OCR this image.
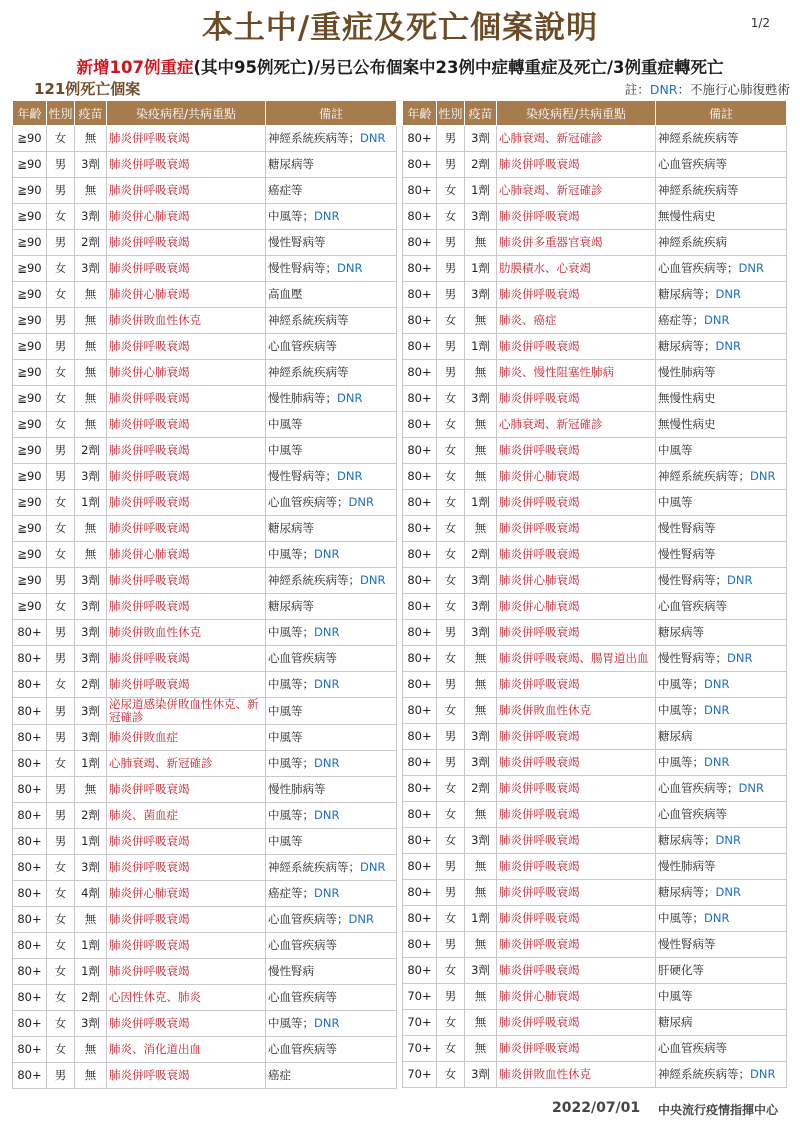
本土中/重症及死亡個案說明	1/2
新增107例重症(其中95例死亡)/另已公布個案中23例中症轉重症及死亡/3例重症轉死亡
121例死亡個案	註：DNR：不施行心肺復甦術
年齡	性別	疫苗	染疫病程/共病重點	備註
≧90	女	無	肺炎併呼吸衰竭	神經系統疾病等；DNR
≧90	男	3劑	肺炎併呼吸衰竭	糖尿病等
≧90	男	無	肺炎併呼吸衰竭	癌症等
≧90	女	3劑	肺炎併心肺衰竭	中風等；DNR
≧90	男	2劑	肺炎併呼吸衰竭	慢性腎病等
≧90	女	3劑	肺炎併呼吸衰竭	慢性腎病等；DNR
≧90	女	無	肺炎併心肺衰竭	高血壓
≧90	男	無	肺炎併敗血性休克	神經系統疾病等
≧90	男	無	肺炎併呼吸衰竭	心血管疾病等
≧90	女	無	肺炎併心肺衰竭	神經系統疾病等
≧90	女	無	肺炎併呼吸衰竭	慢性肺病等；DNR
≧90	女	無	肺炎併呼吸衰竭	中風等
≧90	男	2劑	肺炎併呼吸衰竭	中風等
≧90	男	3劑	肺炎併呼吸衰竭	慢性腎病等；DNR
≧90	女	1劑	肺炎併呼吸衰竭	心血管疾病等；DNR
≧90	女	無	肺炎併呼吸衰竭	糖尿病等
≧90	女	無	肺炎併心肺衰竭	中風等；DNR
≧90	男	3劑	肺炎併呼吸衰竭	神經系統疾病等；DNR
≧90	女	3劑	肺炎併呼吸衰竭	糖尿病等
80+	男	3劑	肺炎併敗血性休克	中風等；DNR
80+	男	3劑	肺炎併呼吸衰竭	心血管疾病等
80+	女	2劑	肺炎併呼吸衰竭	中風等；DNR
80+	男	3劑	泌尿道感染併敗血性休克、新冠確診	中風等
80+	男	3劑	肺炎併敗血症	中風等
80+	女	1劑	心肺衰竭、新冠確診	中風等；DNR
80+	男	無	肺炎併呼吸衰竭	慢性肺病等
80+	男	2劑	肺炎、菌血症	中風等；DNR
80+	男	1劑	肺炎併呼吸衰竭	中風等
80+	女	3劑	肺炎併呼吸衰竭	神經系統疾病等；DNR
80+	女	4劑	肺炎併心肺衰竭	癌症等；DNR
80+	女	無	肺炎併呼吸衰竭	心血管疾病等；DNR
80+	女	1劑	肺炎併呼吸衰竭	心血管疾病等
80+	女	1劑	肺炎併呼吸衰竭	慢性腎病
80+	女	2劑	心因性休克、肺炎	心血管疾病等
80+	女	3劑	肺炎併呼吸衰竭	中風等；DNR
80+	女	無	肺炎、消化道出血	心血管疾病等
80+	男	無	肺炎併呼吸衰竭	癌症
年齡	性別	疫苗	染疫病程/共病重點	備註
80+	男	3劑	心肺衰竭、新冠確診	神經系統疾病等
80+	男	2劑	肺炎併呼吸衰竭	心血管疾病等
80+	女	1劑	心肺衰竭、新冠確診	神經系統疾病等
80+	女	3劑	肺炎併呼吸衰竭	無慢性病史
80+	男	無	肺炎併多重器官衰竭	神經系統疾病
80+	男	1劑	肋膜積水、心衰竭	心血管疾病等；DNR
80+	男	3劑	肺炎併呼吸衰竭	糖尿病等；DNR
80+	女	無	肺炎、癌症	癌症等；DNR
80+	男	1劑	肺炎併呼吸衰竭	糖尿病等；DNR
80+	男	無	肺炎、慢性阻塞性肺病	慢性肺病等
80+	女	3劑	肺炎併呼吸衰竭	無慢性病史
80+	女	無	心肺衰竭、新冠確診	無慢性病史
80+	女	無	肺炎併呼吸衰竭	中風等
80+	女	無	肺炎併心肺衰竭	神經系統疾病等；DNR
80+	女	1劑	肺炎併呼吸衰竭	中風等
80+	女	無	肺炎併呼吸衰竭	慢性腎病等
80+	女	2劑	肺炎併呼吸衰竭	慢性腎病等
80+	女	3劑	肺炎併心肺衰竭	慢性腎病等；DNR
80+	女	3劑	肺炎併心肺衰竭	心血管疾病等
80+	男	3劑	肺炎併呼吸衰竭	糖尿病等
80+	女	無	肺炎併呼吸衰竭、腸胃道出血	慢性腎病等；DNR
80+	男	無	肺炎併呼吸衰竭	中風等；DNR
80+	女	無	肺炎併敗血性休克	中風等；DNR
80+	男	3劑	肺炎併呼吸衰竭	糖尿病
80+	男	3劑	肺炎併呼吸衰竭	中風等；DNR
80+	女	2劑	肺炎併呼吸衰竭	心血管疾病等；DNR
80+	女	無	肺炎併呼吸衰竭	心血管疾病等
80+	女	3劑	肺炎併呼吸衰竭	糖尿病等；DNR
80+	男	無	肺炎併呼吸衰竭	慢性肺病等
80+	男	無	肺炎併呼吸衰竭	糖尿病等；DNR
80+	女	1劑	肺炎併呼吸衰竭	中風等；DNR
80+	男	無	肺炎併呼吸衰竭	慢性腎病等
80+	女	3劑	肺炎併呼吸衰竭	肝硬化等
70+	男	無	肺炎併心肺衰竭	中風等
70+	女	無	肺炎併呼吸衰竭	糖尿病
70+	女	無	肺炎併呼吸衰竭	心血管疾病等
70+	女	3劑	肺炎併敗血性休克	神經系統疾病等；DNR
2022/07/01 中央流行疫情指揮中心
